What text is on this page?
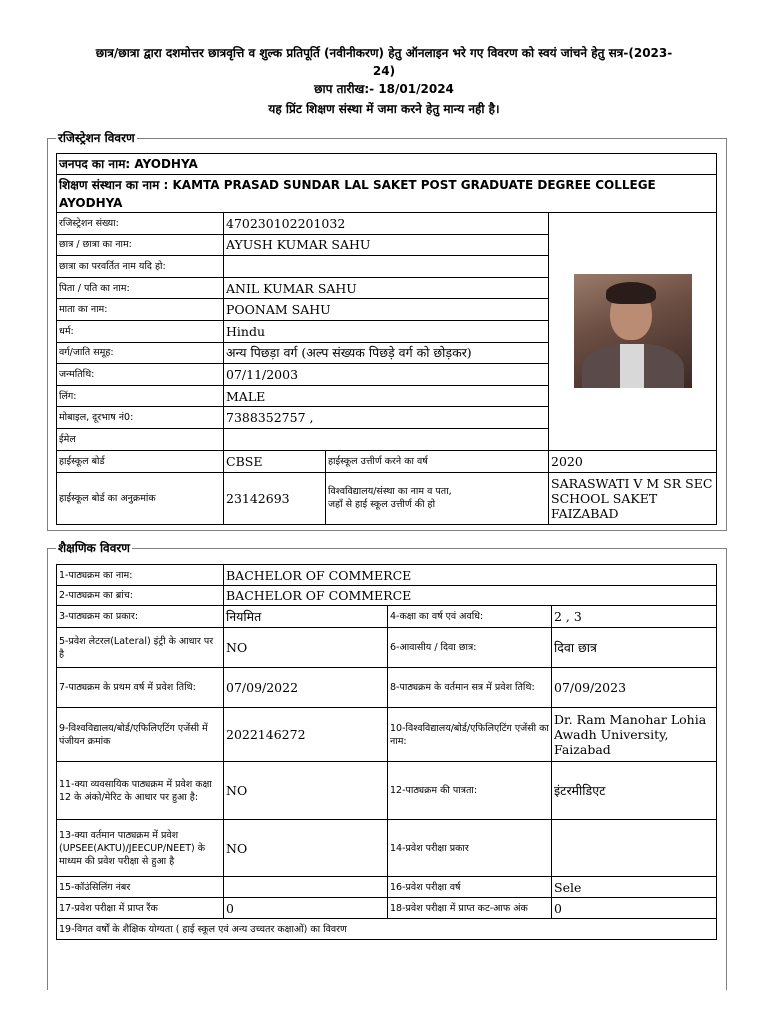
छात्र/छात्रा द्वारा दशमोत्तर छात्रवृत्ति व शुल्क प्रतिपूर्ति (नवीनीकरण) हेतु ऑनलाइन भरे गए विवरण को स्वयं जांचने हेतु सत्र-(2023-
24)
छाप तारीख:- 18/01/2024
यह प्रिंट शिक्षण संस्था में जमा करने हेतु मान्य नही है।
रजिस्ट्रेशन विवरण
जनपद का नाम: AYODHYA			
शिक्षण संस्थान का नाम : KAMTA PRASAD SUNDAR LAL SAKET POST GRADUATE DEGREE COLLEGE AYODHYA			
रजिस्ट्रेशन संख्या:	470230102201032		

छात्र / छात्रा का नाम:	AYUSH KUMAR SAHU		
छात्रा का परवर्तित नाम यदि हो:			
पिता / पति का नाम:	ANIL KUMAR SAHU		
माता का नाम:	POONAM SAHU		
धर्म:	Hindu		
वर्ग/जाति समूह:	अन्य पिछड़ा वर्ग (अल्प संख्यक पिछड़े वर्ग को छोड़कर)		
जन्मतिथि:	07/11/2003		
लिंग:	MALE		
मोबाइल, दूरभाष नं0:	7388352757 ,		
ईमेल			
हाईस्कूल बोर्ड	CBSE	हाईस्कूल उत्तीर्ण करने का वर्ष	2020
हाईस्कूल बोर्ड का अनुक्रमांक	23142693	विश्वविद्यालय/संस्था का नाम व पता,
जहाँ से हाई स्कूल उत्तीर्ण की हो	SARASWATI V M SR SEC SCHOOL SAKET FAIZABAD
शैक्षणिक विवरण
1-पाठ्यक्रम का नाम:	BACHELOR OF COMMERCE		
2-पाठ्यक्रम का ब्रांच:	BACHELOR OF COMMERCE		
3-पाठ्यक्रम का प्रकार:	नियमित	4-कक्षा का वर्ष एवं अवधि:	2 , 3
5-प्रवेश लेटरल(Lateral) इंट्री के आधार पर है	NO	6-आवासीय / दिवा छात्र:	दिवा छात्र
7-पाठ्यक्रम के प्रथम वर्ष में प्रवेश तिथि:	07/09/2022	8-पाठ्यक्रम के वर्तमान सत्र में प्रवेश तिथि:	07/09/2023
9-विश्वविद्यालय/बोर्ड/एफिलिएटिंग एजेंसी में पंजीयन क्रमांक	2022146272	10-विश्वविद्यालय/बोर्ड/एफिलिएटिंग एजेंसी का नाम:	Dr. Ram Manohar Lohia Awadh University, Faizabad
11-क्या व्यवसायिक पाठ्यक्रम में प्रवेश कक्षा 12 के अंको/मेरिट के आधार पर हुआ है:	NO	12-पाठ्यक्रम की पात्रता:	इंटरमीडिएट
13-क्या वर्तमान पाठ्यक्रम में प्रवेश (UPSEE(AKTU)/JEECUP/NEET) के माध्यम की प्रवेश परीक्षा से हुआ है	NO	14-प्रवेश परीक्षा प्रकार	
15-कॉउंसिलिंग नंबर		16-प्रवेश परीक्षा वर्ष	Sele
17-प्रवेश परीक्षा में प्राप्त रैंक	0	18-प्रवेश परीक्षा में प्राप्त कट-आफ अंक	0
19-विगत वर्षों के शैक्षिक योग्यता ( हाई स्कूल एवं अन्य उच्चतर कक्षाओं) का विवरण			
